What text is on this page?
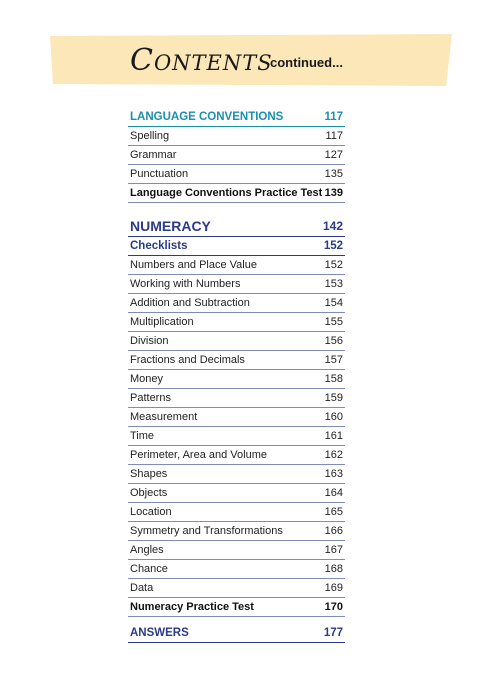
Contents
continued...
LANGUAGE CONVENTIONS	117
Spelling	117
Grammar	127
Punctuation	135
Language Conventions Practice Test 139
NUMERACY	142
Checklists	152
Numbers and Place Value	152
Working with Numbers	153
Addition and Subtraction	154
Multiplication	155
Division	156
Fractions and Decimals	157
Money	158
Patterns	159
Measurement	160
Time	161
Perimeter, Area and Volume	162
Shapes	163
Objects	164
Location	165
Symmetry and Transformations	166
Angles	167
Chance	168
Data	169
Numeracy Practice Test	170
ANSWERS	177
